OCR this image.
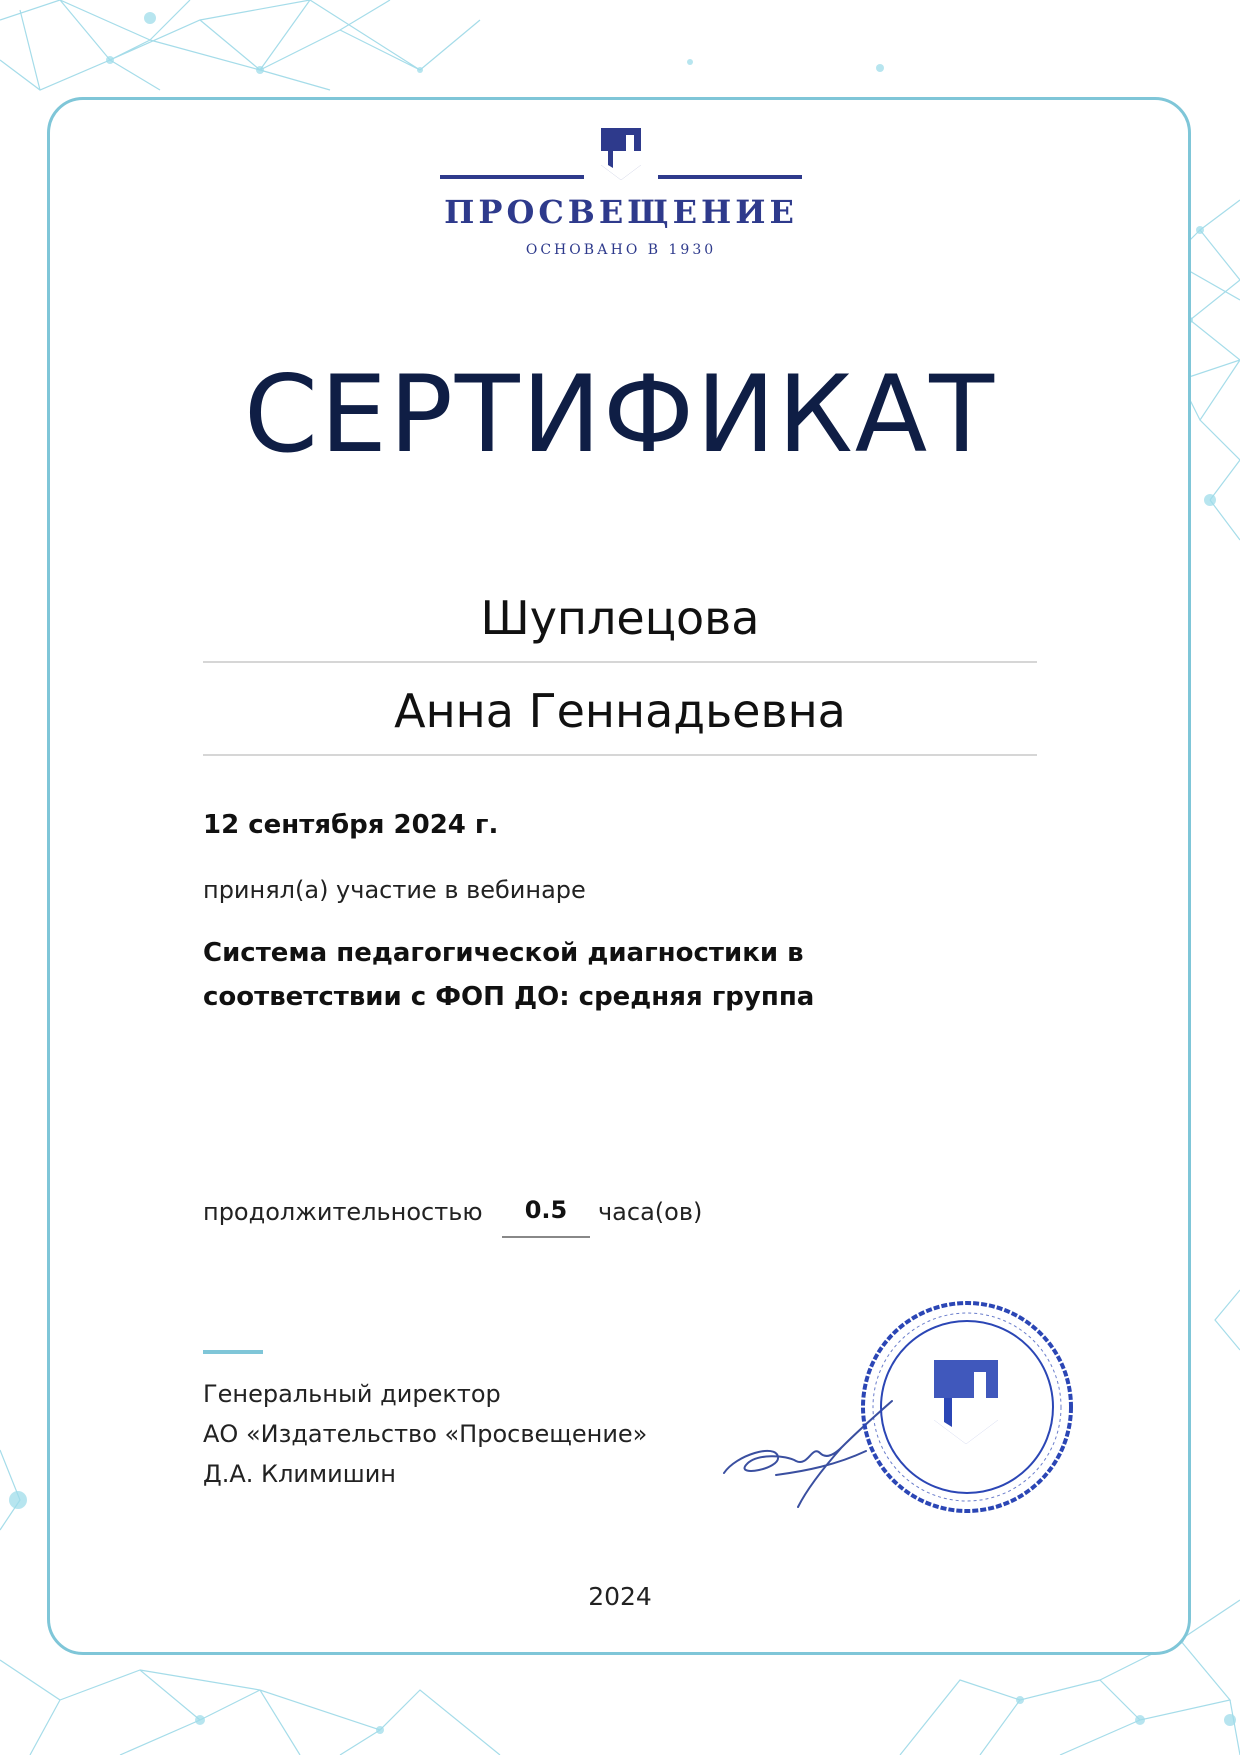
ПРОСВЕЩЕНИЕ
ОСНОВАНО В 1930
СЕРТИФИКАТ
Шуплецова
Анна Геннадьевна
12 сентября 2024 г.
принял(а) участие в вебинаре
Система педагогической диагностики в
соответствии с ФОП ДО: средняя группа
продолжительностью	0.5	часа(ов)
Генеральный директор
АО «Издательство «Просвещение»
Д.А. Климишин
2024
